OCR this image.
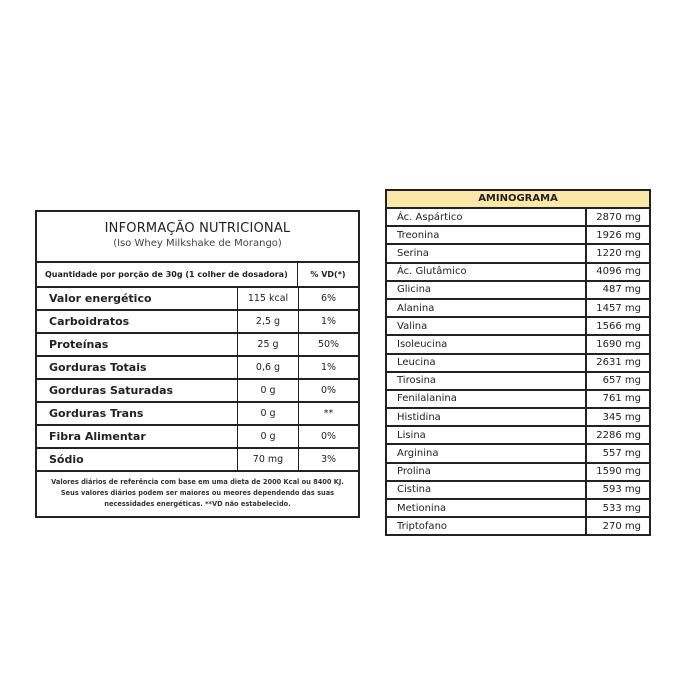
INFORMAÇÃO NUTRICIONAL
(Iso Whey Milkshake de Morango)
Quantidade por porção de 30g (1 colher de dosadora)	% VD(*)
Valor energético	115 kcal	6%
Carboidratos	2,5 g	1%
Proteínas	25 g	50%
Gorduras Totais	0,6 g	1%
Gorduras Saturadas	0 g	0%
Gorduras Trans	0 g	**
Fibra Alimentar	0 g	0%
Sódio	70 mg	3%
Valores diários de referência com base em uma dieta de 2000 Kcal ou 8400 KJ. Seus valores diários podem ser maiores ou meores dependendo das suas necessidades energéticas. **VD não estabelecido.
AMINOGRAMA
Ác. Aspártico	2870 mg
Treonina	1926 mg
Serina	1220 mg
Ác. Glutâmico	4096 mg
Glicina	487 mg
Alanina	1457 mg
Valina	1566 mg
Isoleucina	1690 mg
Leucina	2631 mg
Tirosina	657 mg
Fenilalanina	761 mg
Histidina	345 mg
Lisina	2286 mg
Arginina	557 mg
Prolina	1590 mg
Cistina	593 mg
Metionina	533 mg
Triptofano	270 mg
